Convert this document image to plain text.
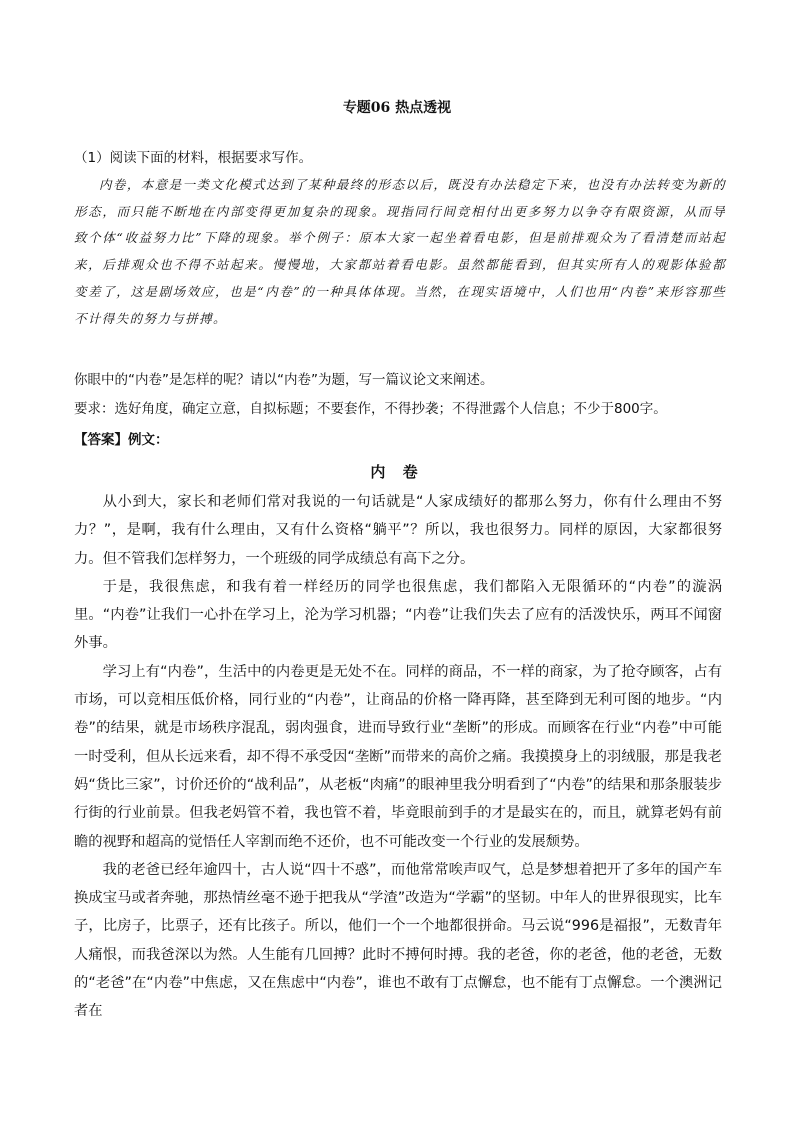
专题06 热点透视
（1）阅读下面的材料，根据要求写作。

内卷，本意是一类文化模式达到了某种最终的形态以后，既没有办法稳定下来，也没有办法转变为新的形态，而只能不断地在内部变得更加复杂的现象。现指同行间竞相付出更多努力以争夺有限资源，从而导致个体“收益努力比”下降的现象。举个例子：原本大家一起坐着看电影，但是前排观众为了看清楚而站起来，后排观众也不得不站起来。慢慢地，大家都站着看电影。虽然都能看到，但其实所有人的观影体验都变差了，这是剧场效应，也是“内卷”的一种具体体现。当然，在现实语境中，人们也用“内卷”来形容那些不计得失的努力与拼搏。

你眼中的“内卷”是怎样的呢？请以“内卷”为题，写一篇议论文来阐述。
要求：选好角度，确定立意，自拟标题；不要套作，不得抄袭；不得泄露个人信息；不少于800字。
【答案】例文：
内 卷

从小到大，家长和老师们常对我说的一句话就是“人家成绩好的都那么努力，你有什么理由不努力？”，是啊，我有什么理由，又有什么资格“躺平”？所以，我也很努力。同样的原因，大家都很努力。但不管我们怎样努力，一个班级的同学成绩总有高下之分。

于是，我很焦虑，和我有着一样经历的同学也很焦虑，我们都陷入无限循环的“内卷”的漩涡里。“内卷”让我们一心扑在学习上，沦为学习机器；“内卷”让我们失去了应有的活泼快乐，两耳不闻窗外事。

学习上有“内卷”，生活中的内卷更是无处不在。同样的商品，不一样的商家，为了抢夺顾客，占有市场，可以竞相压低价格，同行业的“内卷”，让商品的价格一降再降，甚至降到无利可图的地步。“内卷”的结果，就是市场秩序混乱，弱肉强食，进而导致行业“垄断”的形成。而顾客在行业“内卷”中可能一时受利，但从长远来看，却不得不承受因“垄断”而带来的高价之痛。我摸摸身上的羽绒服，那是我老妈“货比三家”，讨价还价的“战利品”，从老板“肉痛”的眼神里我分明看到了“内卷”的结果和那条服装步行街的行业前景。但我老妈管不着，我也管不着，毕竟眼前到手的才是最实在的，而且，就算老妈有前瞻的视野和超高的觉悟任人宰割而绝不还价，也不可能改变一个行业的发展颓势。

我的老爸已经年逾四十，古人说“四十不惑”，而他常常唉声叹气，总是梦想着把开了多年的国产车换成宝马或者奔驰，那热情丝毫不逊于把我从“学渣”改造为“学霸”的坚韧。中年人的世界很现实，比车子，比房子，比票子，还有比孩子。所以，他们一个一个地都很拼命。马云说“996是福报”，无数青年人痛恨，而我爸深以为然。人生能有几回搏？此时不搏何时搏。我的老爸，你的老爸，他的老爸，无数的“老爸”在“内卷”中焦虑，又在焦虑中“内卷”，谁也不敢有丁点懈怠，也不能有丁点懈怠。一个澳洲记者在
